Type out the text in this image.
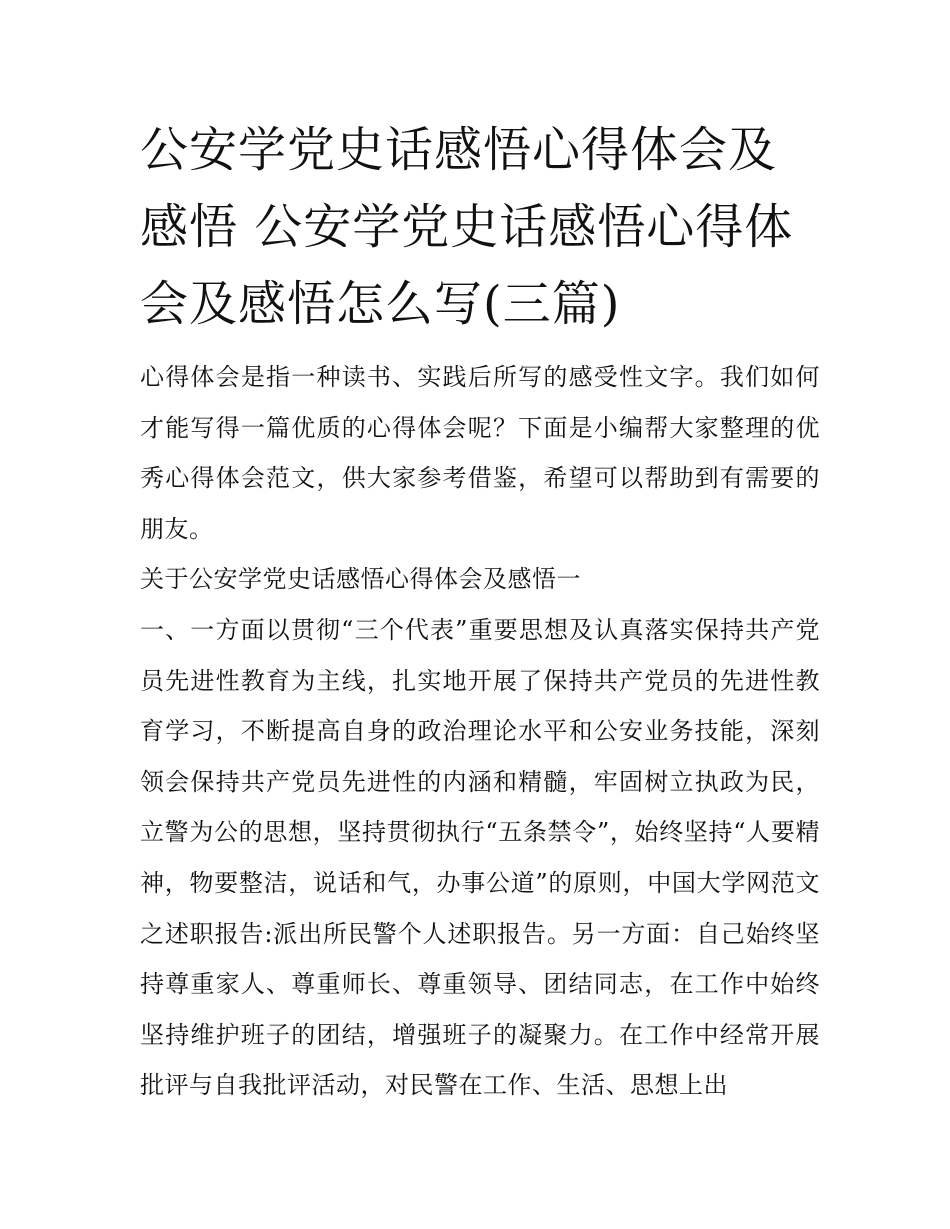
公安学党史话感悟心得体会及感悟 公安学党史话感悟心得体会及感悟怎么写(三篇)

心得体会是指一种读书、实践后所写的感受性文字。我们如何才能写得一篇优质的心得体会呢？下面是小编帮大家整理的优秀心得体会范文，供大家参考借鉴，希望可以帮助到有需要的朋友。

关于公安学党史话感悟心得体会及感悟一

一、一方面以贯彻“三个代表”重要思想及认真落实保持共产党员先进性教育为主线，扎实地开展了保持共产党员的先进性教育学习，不断提高自身的政治理论水平和公安业务技能，深刻领会保持共产党员先进性的内涵和精髓，牢固树立执政为民，立警为公的思想，坚持贯彻执行“五条禁令”，始终坚持“人要精神，物要整洁，说话和气，办事公道”的原则，中国大学网范文之述职报告:派出所民警个人述职报告。另一方面：自己始终坚持尊重家人、尊重师长、尊重领导、团结同志，在工作中始终坚持维护班子的团结，增强班子的凝聚力。在工作中经常开展批评与自我批评活动，对民警在工作、生活、思想上出
